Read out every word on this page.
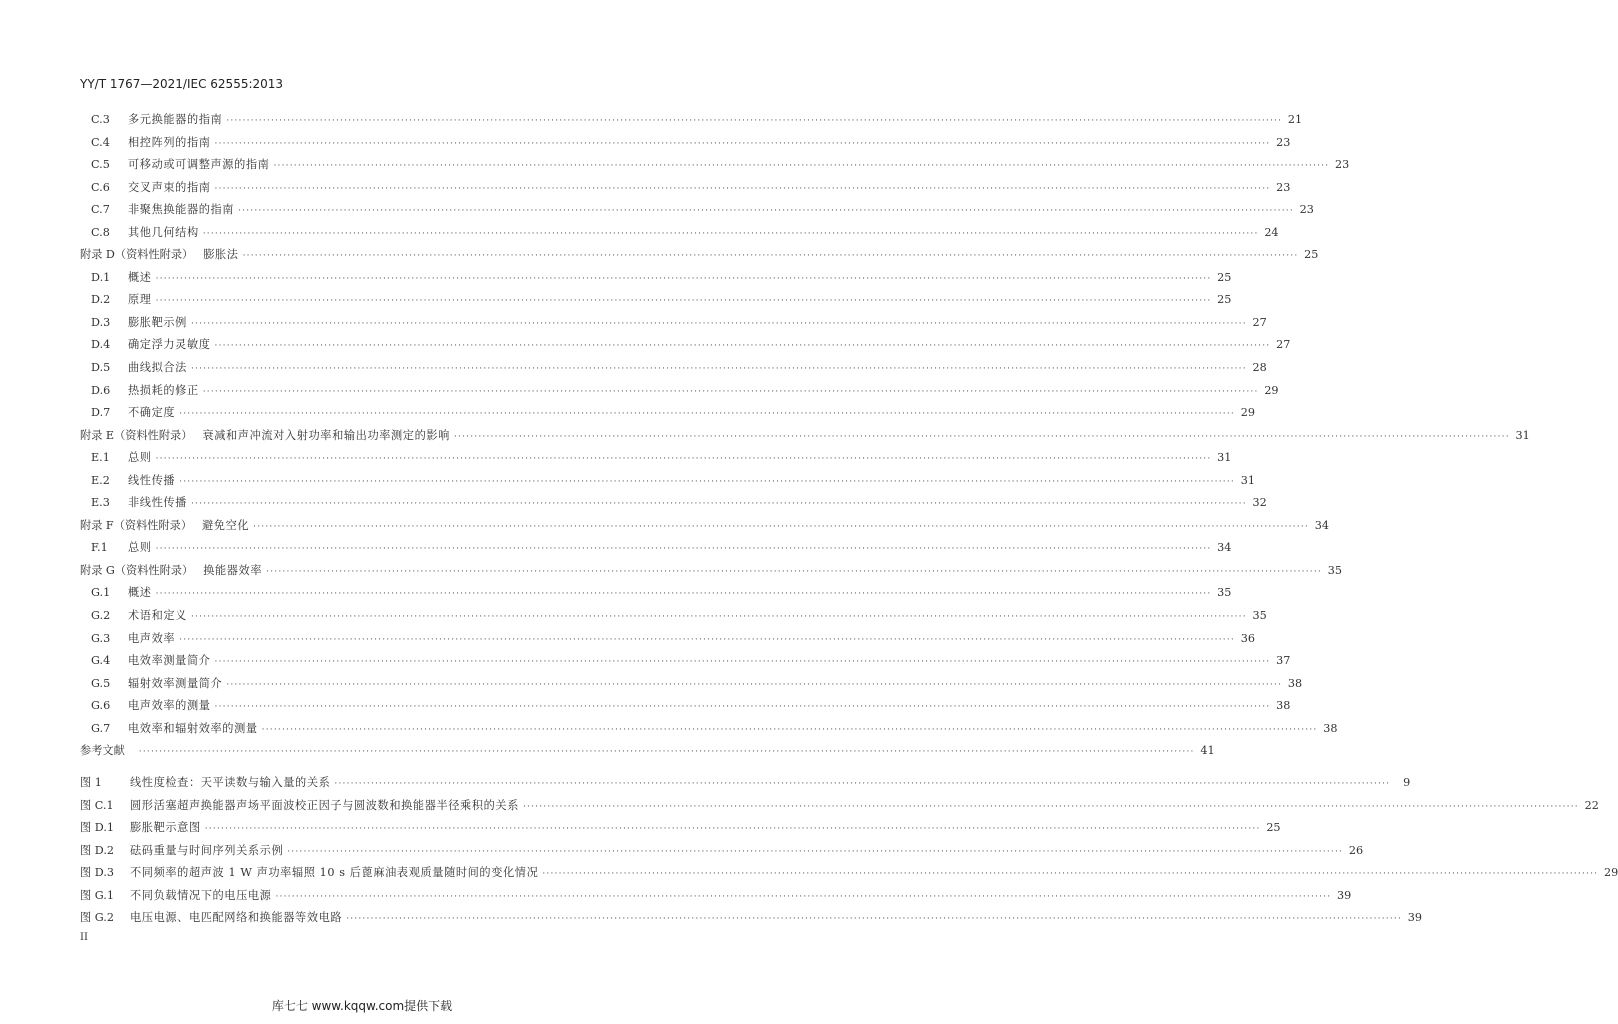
YY/T 1767—2021/IEC 62555:2013
C.3	多元换能器的指南 ···································································································································································································································································· 21
C.4	相控阵列的指南 ···································································································································································································································································· 23
C.5	可移动或可调整声源的指南 ···································································································································································································································································· 23
C.6	交叉声束的指南 ···································································································································································································································································· 23
C.7	非聚焦换能器的指南 ···································································································································································································································································· 23
C.8	其他几何结构 ···································································································································································································································································· 24
附录 D（资料性附录） 膨胀法 ···································································································································································································································································· 25
D.1	概述 ···································································································································································································································································· 25
D.2	原理 ···································································································································································································································································· 25
D.3	膨胀靶示例 ···································································································································································································································································· 27
D.4	确定浮力灵敏度 ···································································································································································································································································· 27
D.5	曲线拟合法 ···································································································································································································································································· 28
D.6	热损耗的修正 ···································································································································································································································································· 29
D.7	不确定度 ···································································································································································································································································· 29
附录 E（资料性附录） 衰减和声冲流对入射功率和输出功率测定的影响 ···································································································································································································································································· 31
E.1	总则 ···································································································································································································································································· 31
E.2	线性传播 ···································································································································································································································································· 31
E.3	非线性传播 ···································································································································································································································································· 32
附录 F（资料性附录） 避免空化 ···································································································································································································································································· 34
F.1	总则 ···································································································································································································································································· 34
附录 G（资料性附录） 换能器效率 ···································································································································································································································································· 35
G.1	概述 ···································································································································································································································································· 35
G.2	术语和定义 ···································································································································································································································································· 35
G.3	电声效率 ···································································································································································································································································· 36
G.4	电效率测量简介 ···································································································································································································································································· 37
G.5	辐射效率测量简介 ···································································································································································································································································· 38
G.6	电声效率的测量 ···································································································································································································································································· 38
G.7	电效率和辐射效率的测量 ···································································································································································································································································· 38
参考文献 ···································································································································································································································································· 41
图 1	线性度检查：天平读数与输入量的关系 ····································································································································································································································································	9
图 C.1	圆形活塞超声换能器声场平面波校正因子与圆波数和换能器半径乘积的关系 ···································································································································································································································································· 22
图 D.1	膨胀靶示意图 ···································································································································································································································································· 25
图 D.2	砝码重量与时间序列关系示例 ···································································································································································································································································· 26
图 D.3	不同频率的超声波 1 W 声功率辐照 10 s 后蓖麻油表观质量随时间的变化情况 ···································································································································································································································································· 29
图 G.1	不同负载情况下的电压电源 ···································································································································································································································································· 39
图 G.2	电压电源、电匹配网络和换能器等效电路 ···································································································································································································································································· 39
II
库七七 www.kqqw.com提供下载
